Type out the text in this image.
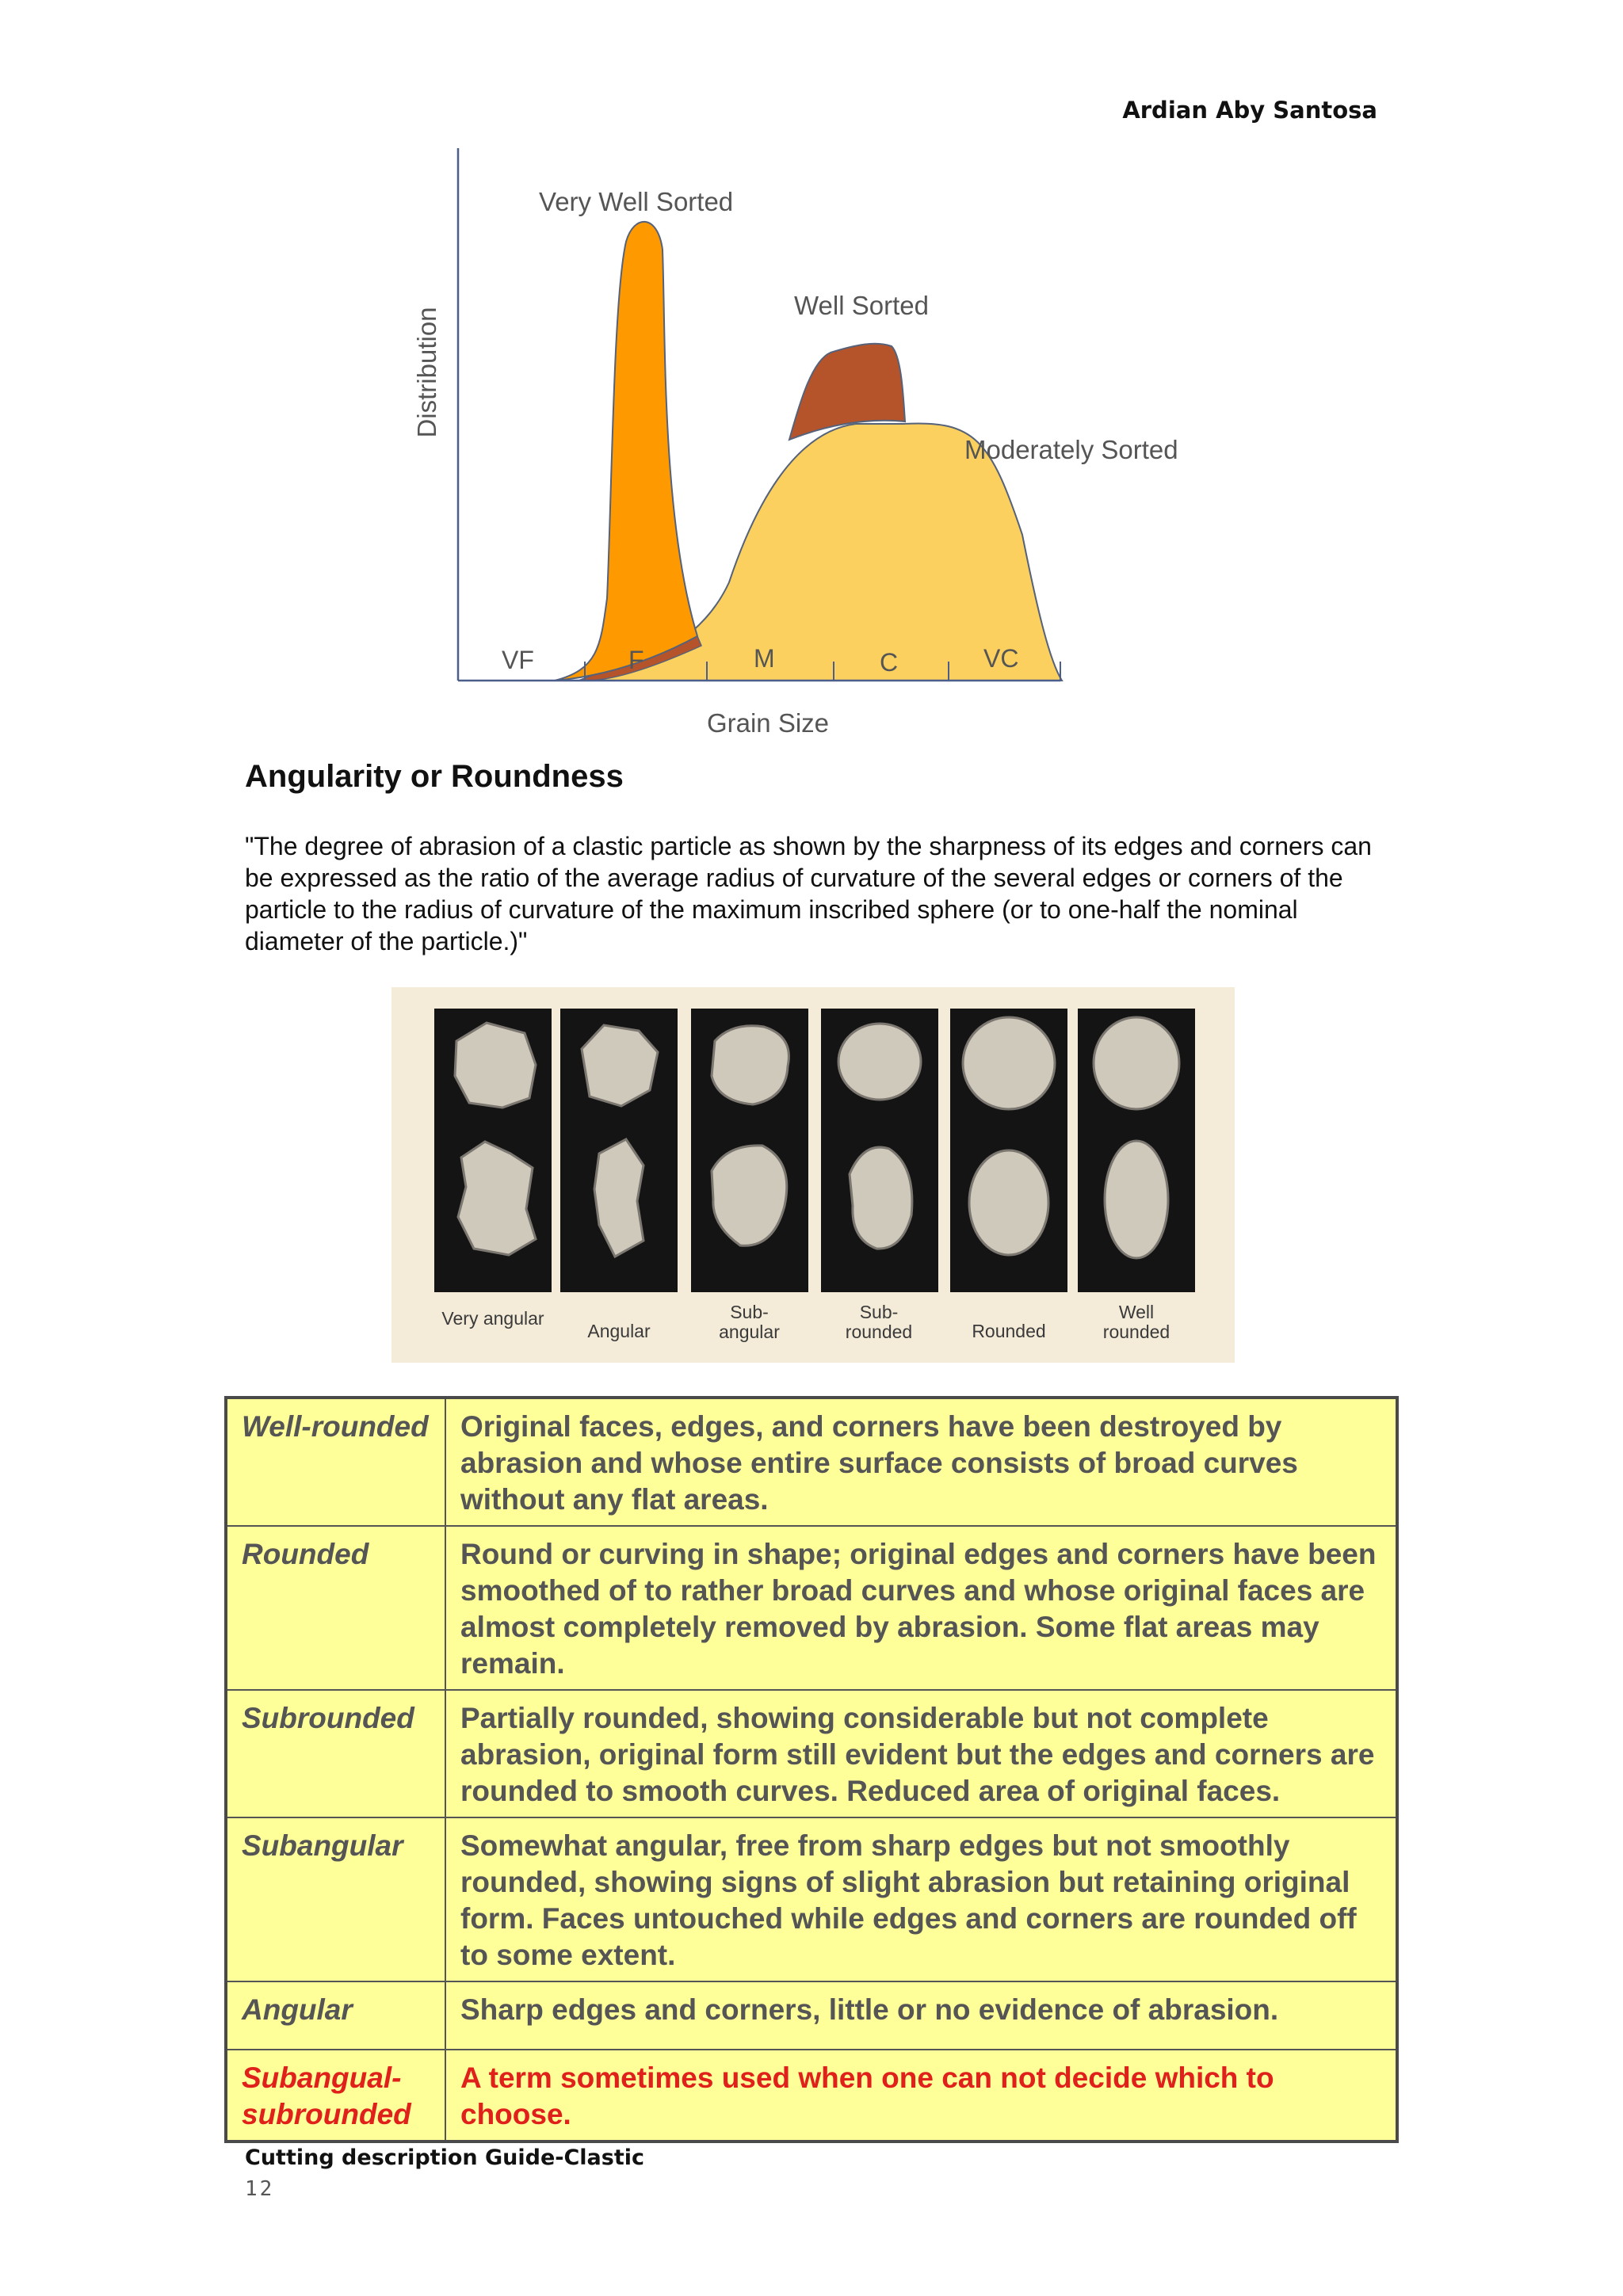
Ardian Aby Santosa
VF	F	M	C	VC
Very Well Sorted
Well Sorted
Moderately Sorted
Distribution
Grain Size
Angularity or Roundness

"The degree of abrasion of a clastic particle as shown by the sharpness of its edges and corners can be expressed as the ratio of the average radius of curvature of the several edges or corners of the particle to the radius of curvature of the maximum inscribed sphere (or to one-half the nominal diameter of the particle.)"

Very angular
Angular
Sub-angular
Sub-rounded	Rounded
Well rounded
Well-rounded	Original faces, edges, and corners have been destroyed by abrasion and whose entire surface consists of broad curves without any flat areas.
Rounded	Round or curving in shape; original edges and corners have been smoothed of to rather broad curves and whose original faces are almost completely removed by abrasion. Some flat areas may remain.
Subrounded	Partially rounded, showing considerable but not complete abrasion, original form still evident but the edges and corners are rounded to smooth curves. Reduced area of original faces.
Subangular	Somewhat angular, free from sharp edges but not smoothly rounded, showing signs of slight abrasion but retaining original form. Faces untouched while edges and corners are rounded off to some extent.
Angular	Sharp edges and corners, little or no evidence of abrasion.
Subangual-subrounded	A term sometimes used when one can not decide which to choose.
Cutting description Guide-Clastic
12
